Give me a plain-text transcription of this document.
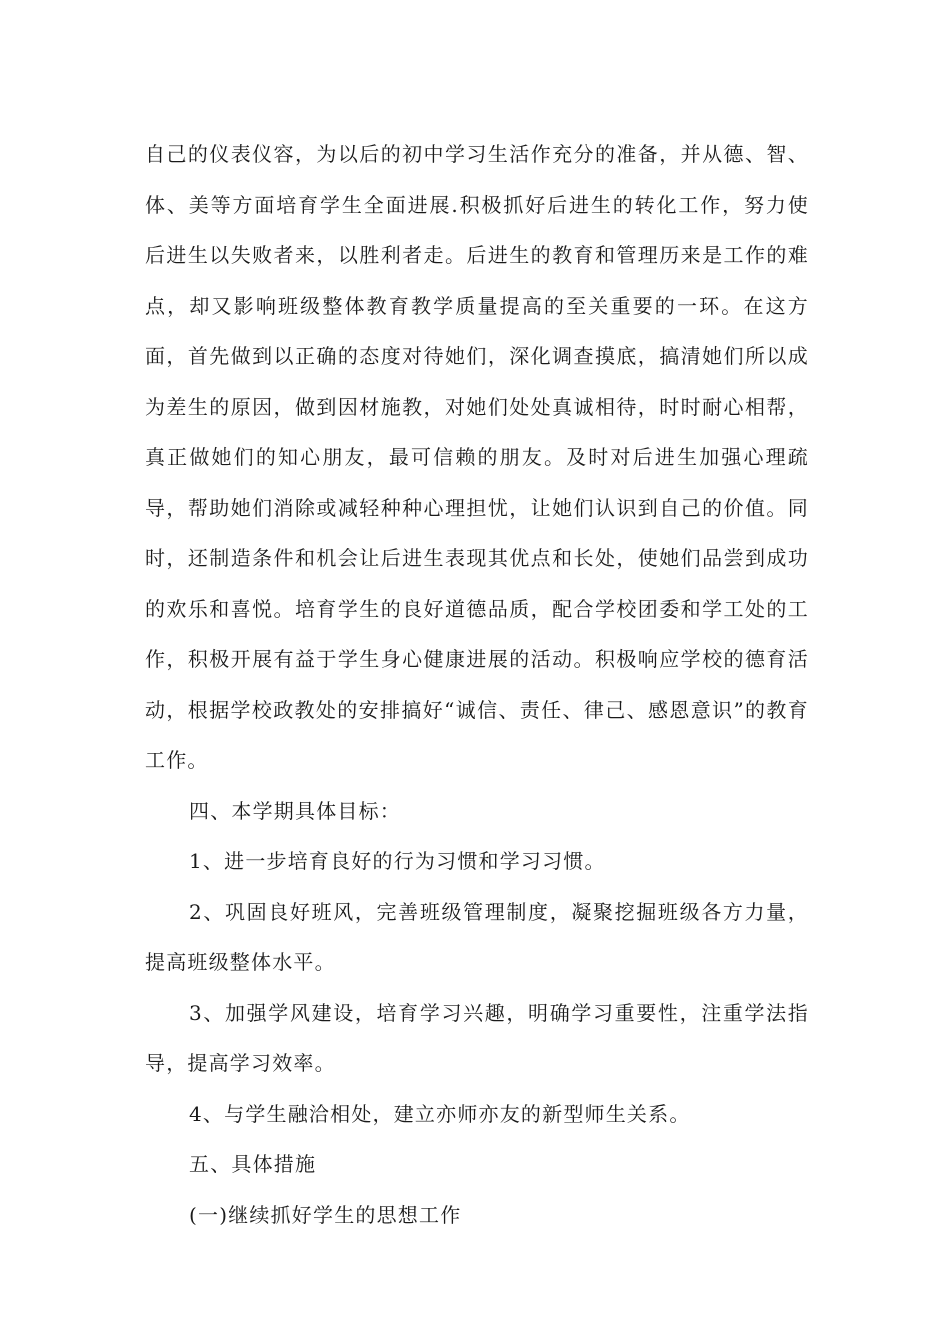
自己的仪表仪容，为以后的初中学习生活作充分的准备，并从德、智、体、美等方面培育学生全面进展.积极抓好后进生的转化工作，努力使后进生以失败者来，以胜利者走。后进生的教育和管理历来是工作的难点，却又影响班级整体教育教学质量提高的至关重要的一环。在这方面，首先做到以正确的态度对待她们，深化调查摸底，搞清她们所以成为差生的原因，做到因材施教，对她们处处真诚相待，时时耐心相帮，真正做她们的知心朋友，最可信赖的朋友。及时对后进生加强心理疏导，帮助她们消除或减轻种种心理担忧，让她们认识到自己的价值。同时，还制造条件和机会让后进生表现其优点和长处，使她们品尝到成功的欢乐和喜悦。培育学生的良好道德品质，配合学校团委和学工处的工作，积极开展有益于学生身心健康进展的活动。积极响应学校的德育活动，根据学校政教处的安排搞好“诚信、责任、律己、感恩意识”的教育工作。

四、本学期具体目标：

1、进一步培育良好的行为习惯和学习习惯。

2、巩固良好班风，完善班级管理制度，凝聚挖掘班级各方力量，提高班级整体水平。

3、加强学风建设，培育学习兴趣，明确学习重要性，注重学法指导，提高学习效率。

4、与学生融洽相处，建立亦师亦友的新型师生关系。

五、具体措施

(一)继续抓好学生的思想工作
